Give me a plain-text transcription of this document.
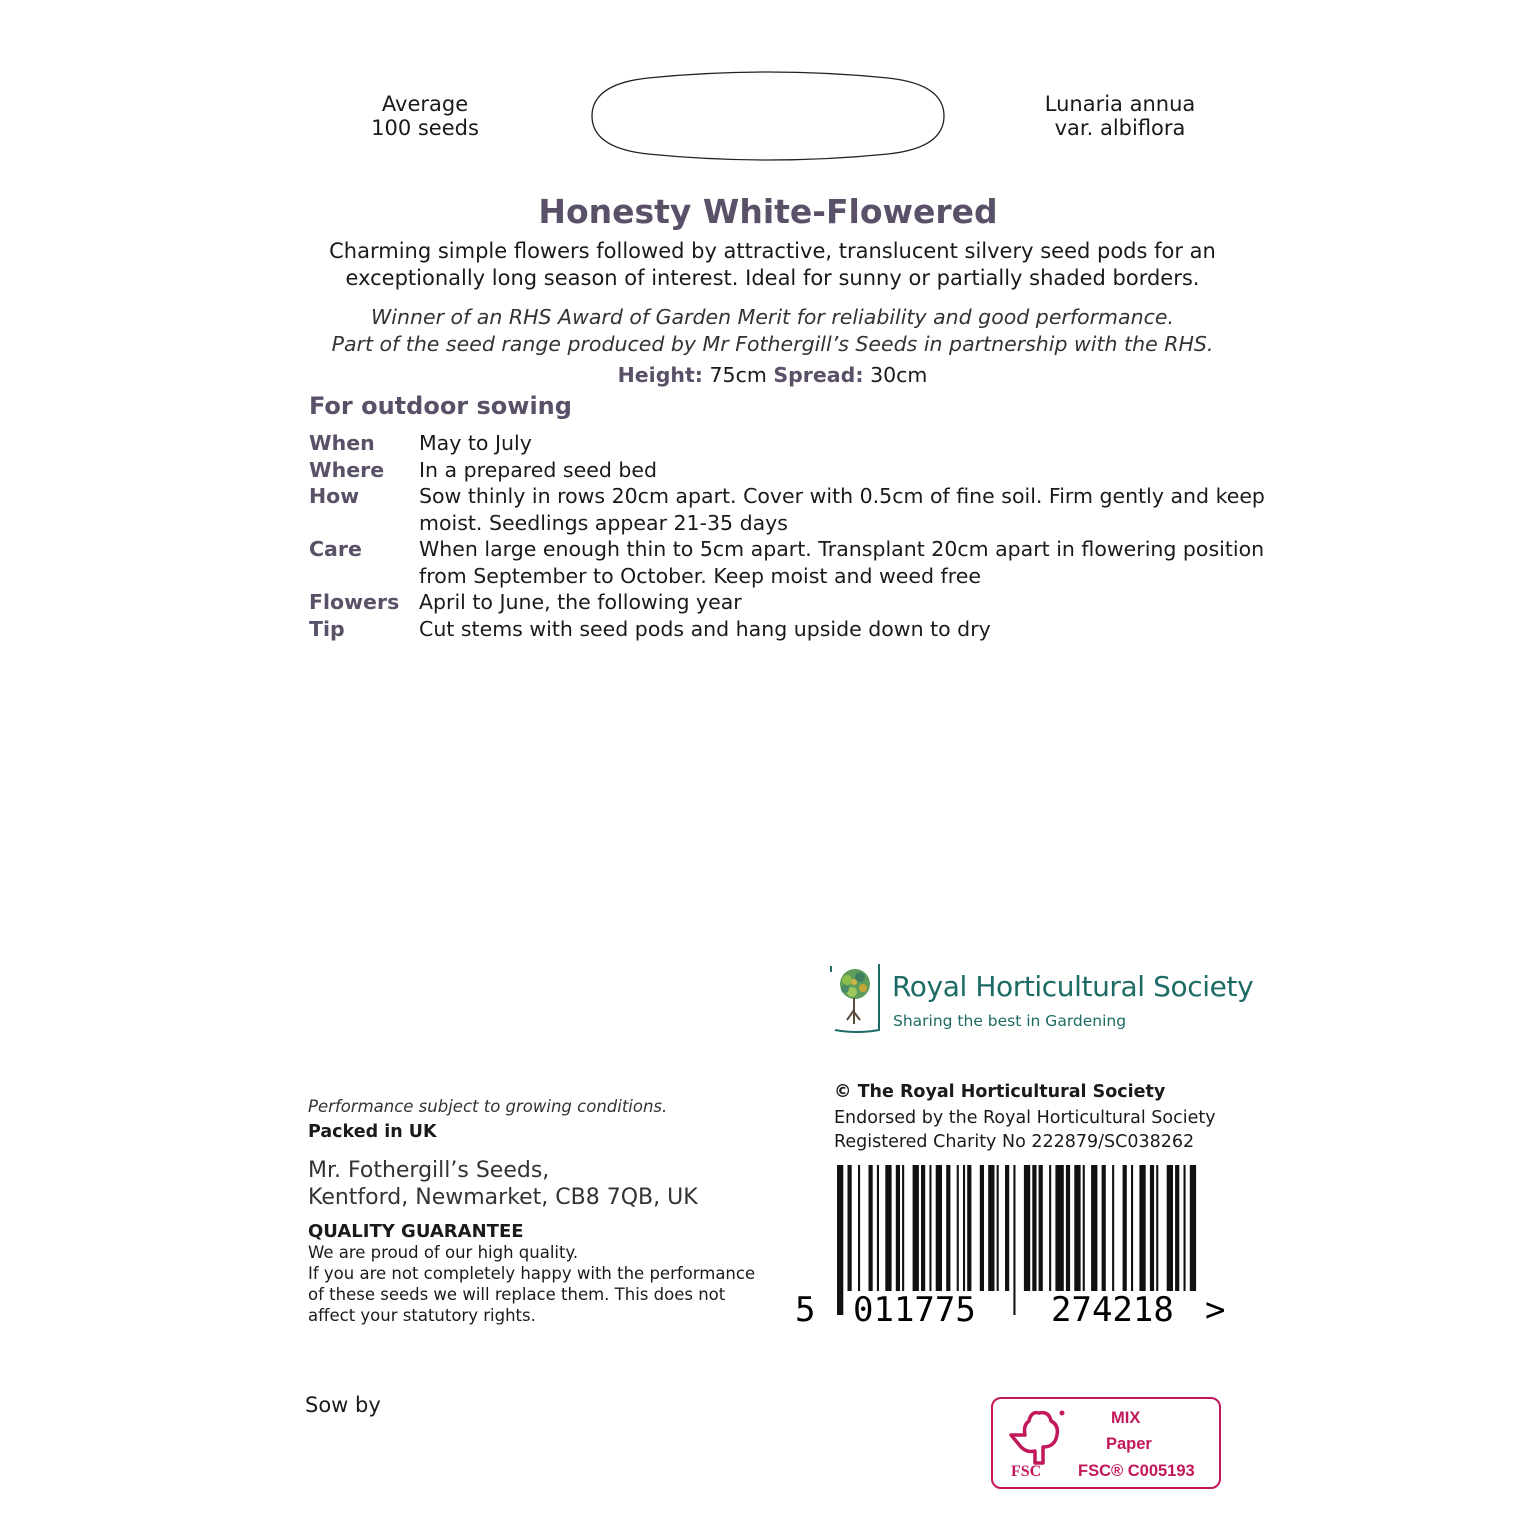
Average
100 seeds
Lunaria annua
var. albiflora
Honesty White-Flowered
Charming simple flowers followed by attractive, translucent silvery seed pods for an
exceptionally long season of interest. Ideal for sunny or partially shaded borders.
Winner of an RHS Award of Garden Merit for reliability and good performance.
Part of the seed range produced by Mr Fothergill’s Seeds in partnership with the RHS.
Height: 75cm Spread: 30cm
For outdoor sowing
When	May to July
Where	In a prepared seed bed
How	Sow thinly in rows 20cm apart. Cover with 0.5cm of fine soil. Firm gently and keep moist. Seedlings appear 21-35 days
Care	When large enough thin to 5cm apart. Transplant 20cm apart in flowering position from September to October. Keep moist and weed free
Flowers	April to June, the following year
Tip	Cut stems with seed pods and hang upside down to dry
Royal Horticultural Society
Sharing the best in Gardening
Performance subject to growing conditions.
Packed in UK
Mr. Fothergill’s Seeds,
Kentford, Newmarket, CB8 7QB, UK
QUALITY GUARANTEE
We are proud of our high quality.
If you are not completely happy with the performance
of these seeds we will replace them. This does not
affect your statutory rights.
© The Royal Horticultural Society
Endorsed by the Royal Horticultural Society
Registered Charity No 222879/SC038262
5 011775 274218 >
Sow by
FSC
MIX
Paper
FSC® C005193
